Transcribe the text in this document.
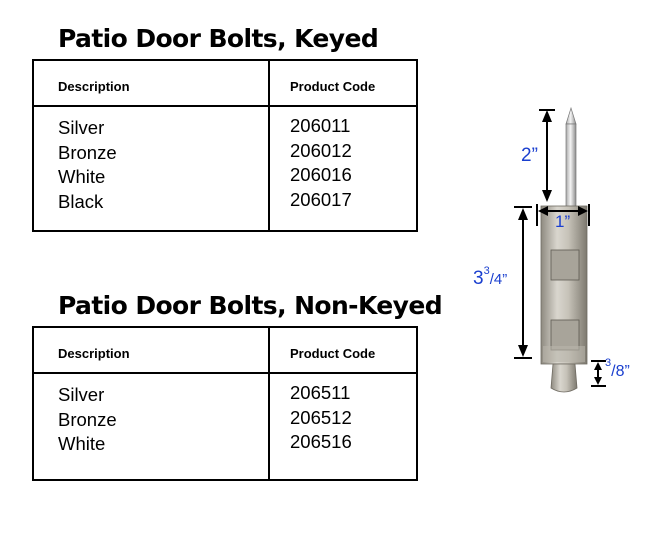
Patio Door Bolts, Keyed
Description	Product Code
Silver
Bronze
White
Black
206011
206012
206016
206017
Patio Door Bolts, Non-Keyed
Description	Product Code
Silver
Bronze
White
206511
206512
206516
2”
1”
$3^3/4$”
$^3$/8”
